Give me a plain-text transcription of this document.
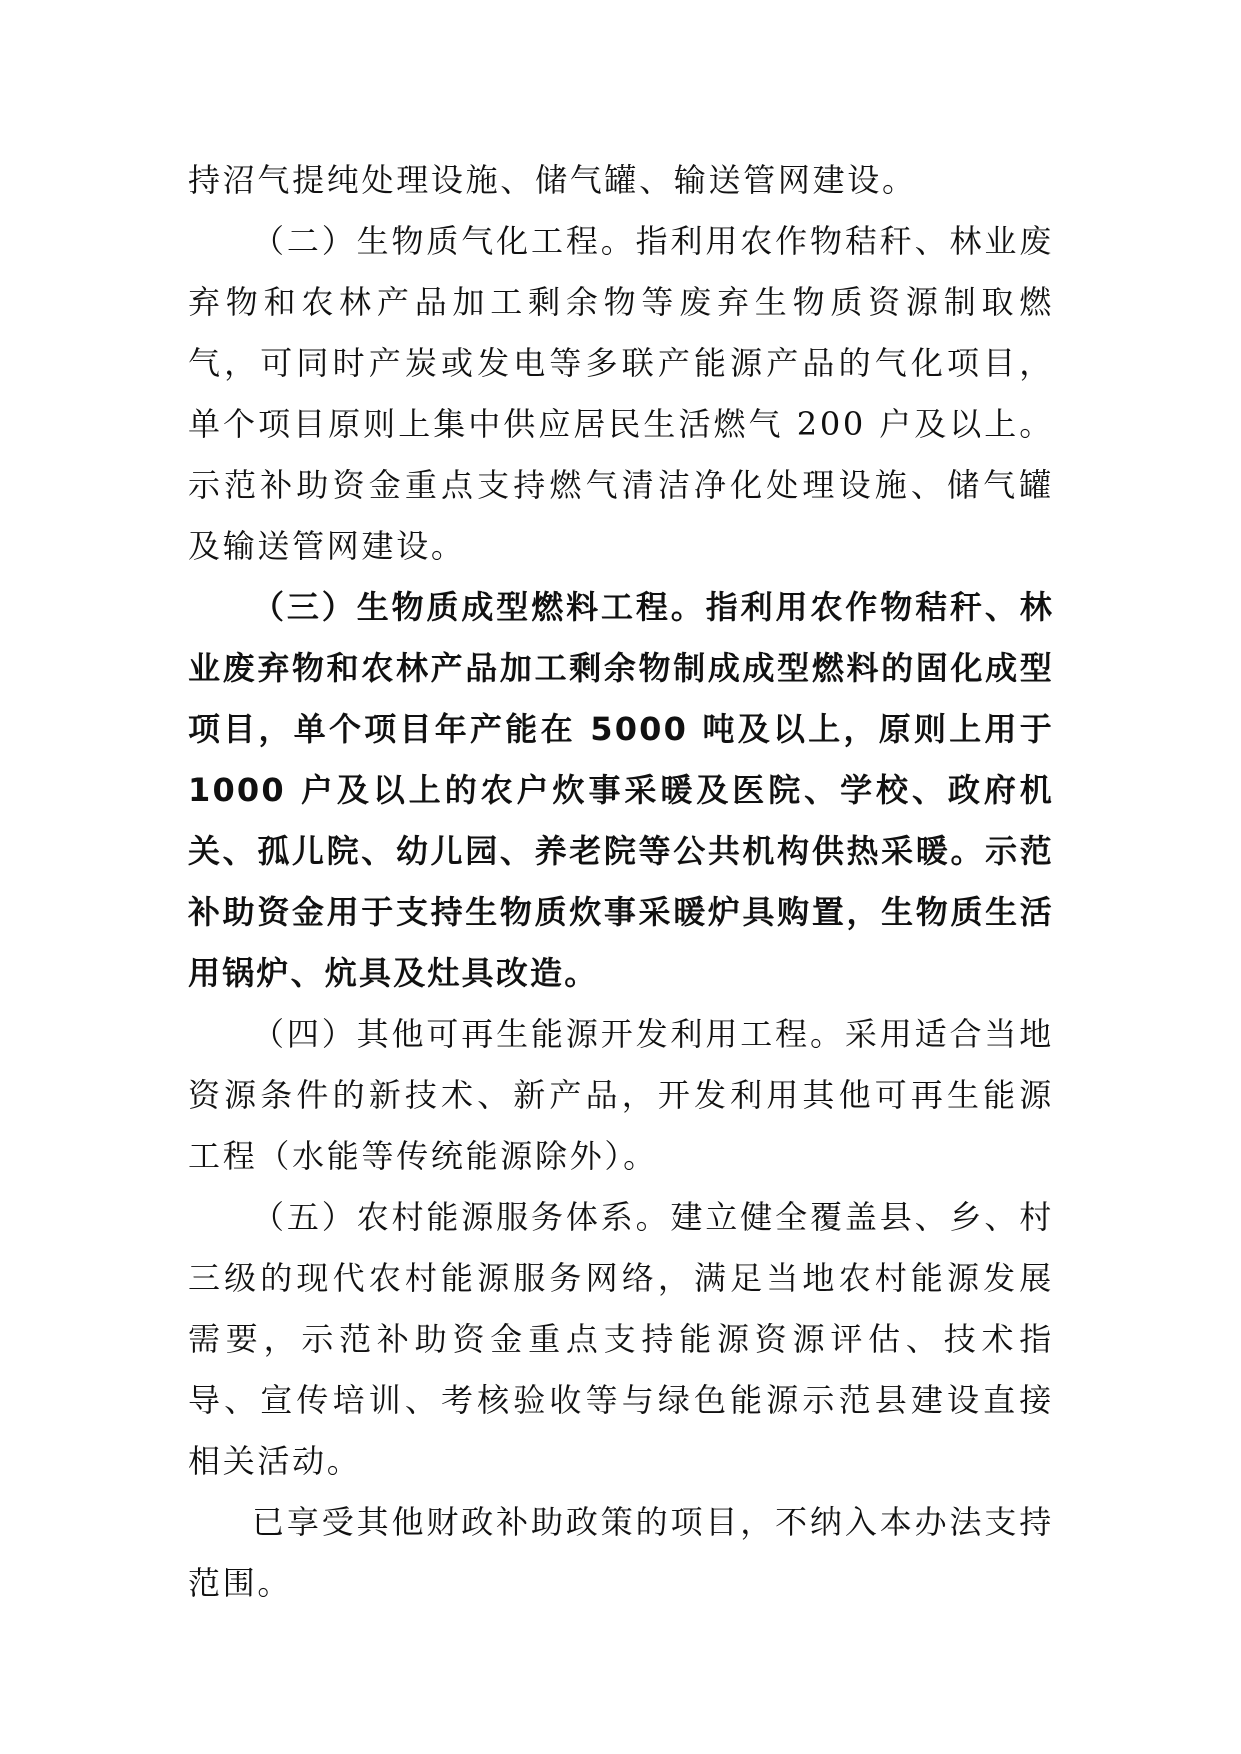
持沼气提纯处理设施、储气罐、输送管网建设。

（二）生物质气化工程。指利用农作物秸秆、林业废弃物和农林产品加工剩余物等废弃生物质资源制取燃气，可同时产炭或发电等多联产能源产品的气化项目，单个项目原则上集中供应居民生活燃气 200 户及以上。示范补助资金重点支持燃气清洁净化处理设施、储气罐及输送管网建设。

（三）生物质成型燃料工程。指利用农作物秸秆、林业废弃物和农林产品加工剩余物制成成型燃料的固化成型项目，单个项目年产能在 5000 吨及以上，原则上用于 1000 户及以上的农户炊事采暖及医院、学校、政府机关、孤儿院、幼儿园、养老院等公共机构供热采暖。示范补助资金用于支持生物质炊事采暖炉具购置，生物质生活用锅炉、炕具及灶具改造。

（四）其他可再生能源开发利用工程。采用适合当地资源条件的新技术、新产品，开发利用其他可再生能源工程（水能等传统能源除外）。

（五）农村能源服务体系。建立健全覆盖县、乡、村三级的现代农村能源服务网络，满足当地农村能源发展需要，示范补助资金重点支持能源资源评估、技术指导、宣传培训、考核验收等与绿色能源示范县建设直接相关活动。

已享受其他财政补助政策的项目，不纳入本办法支持范围。
